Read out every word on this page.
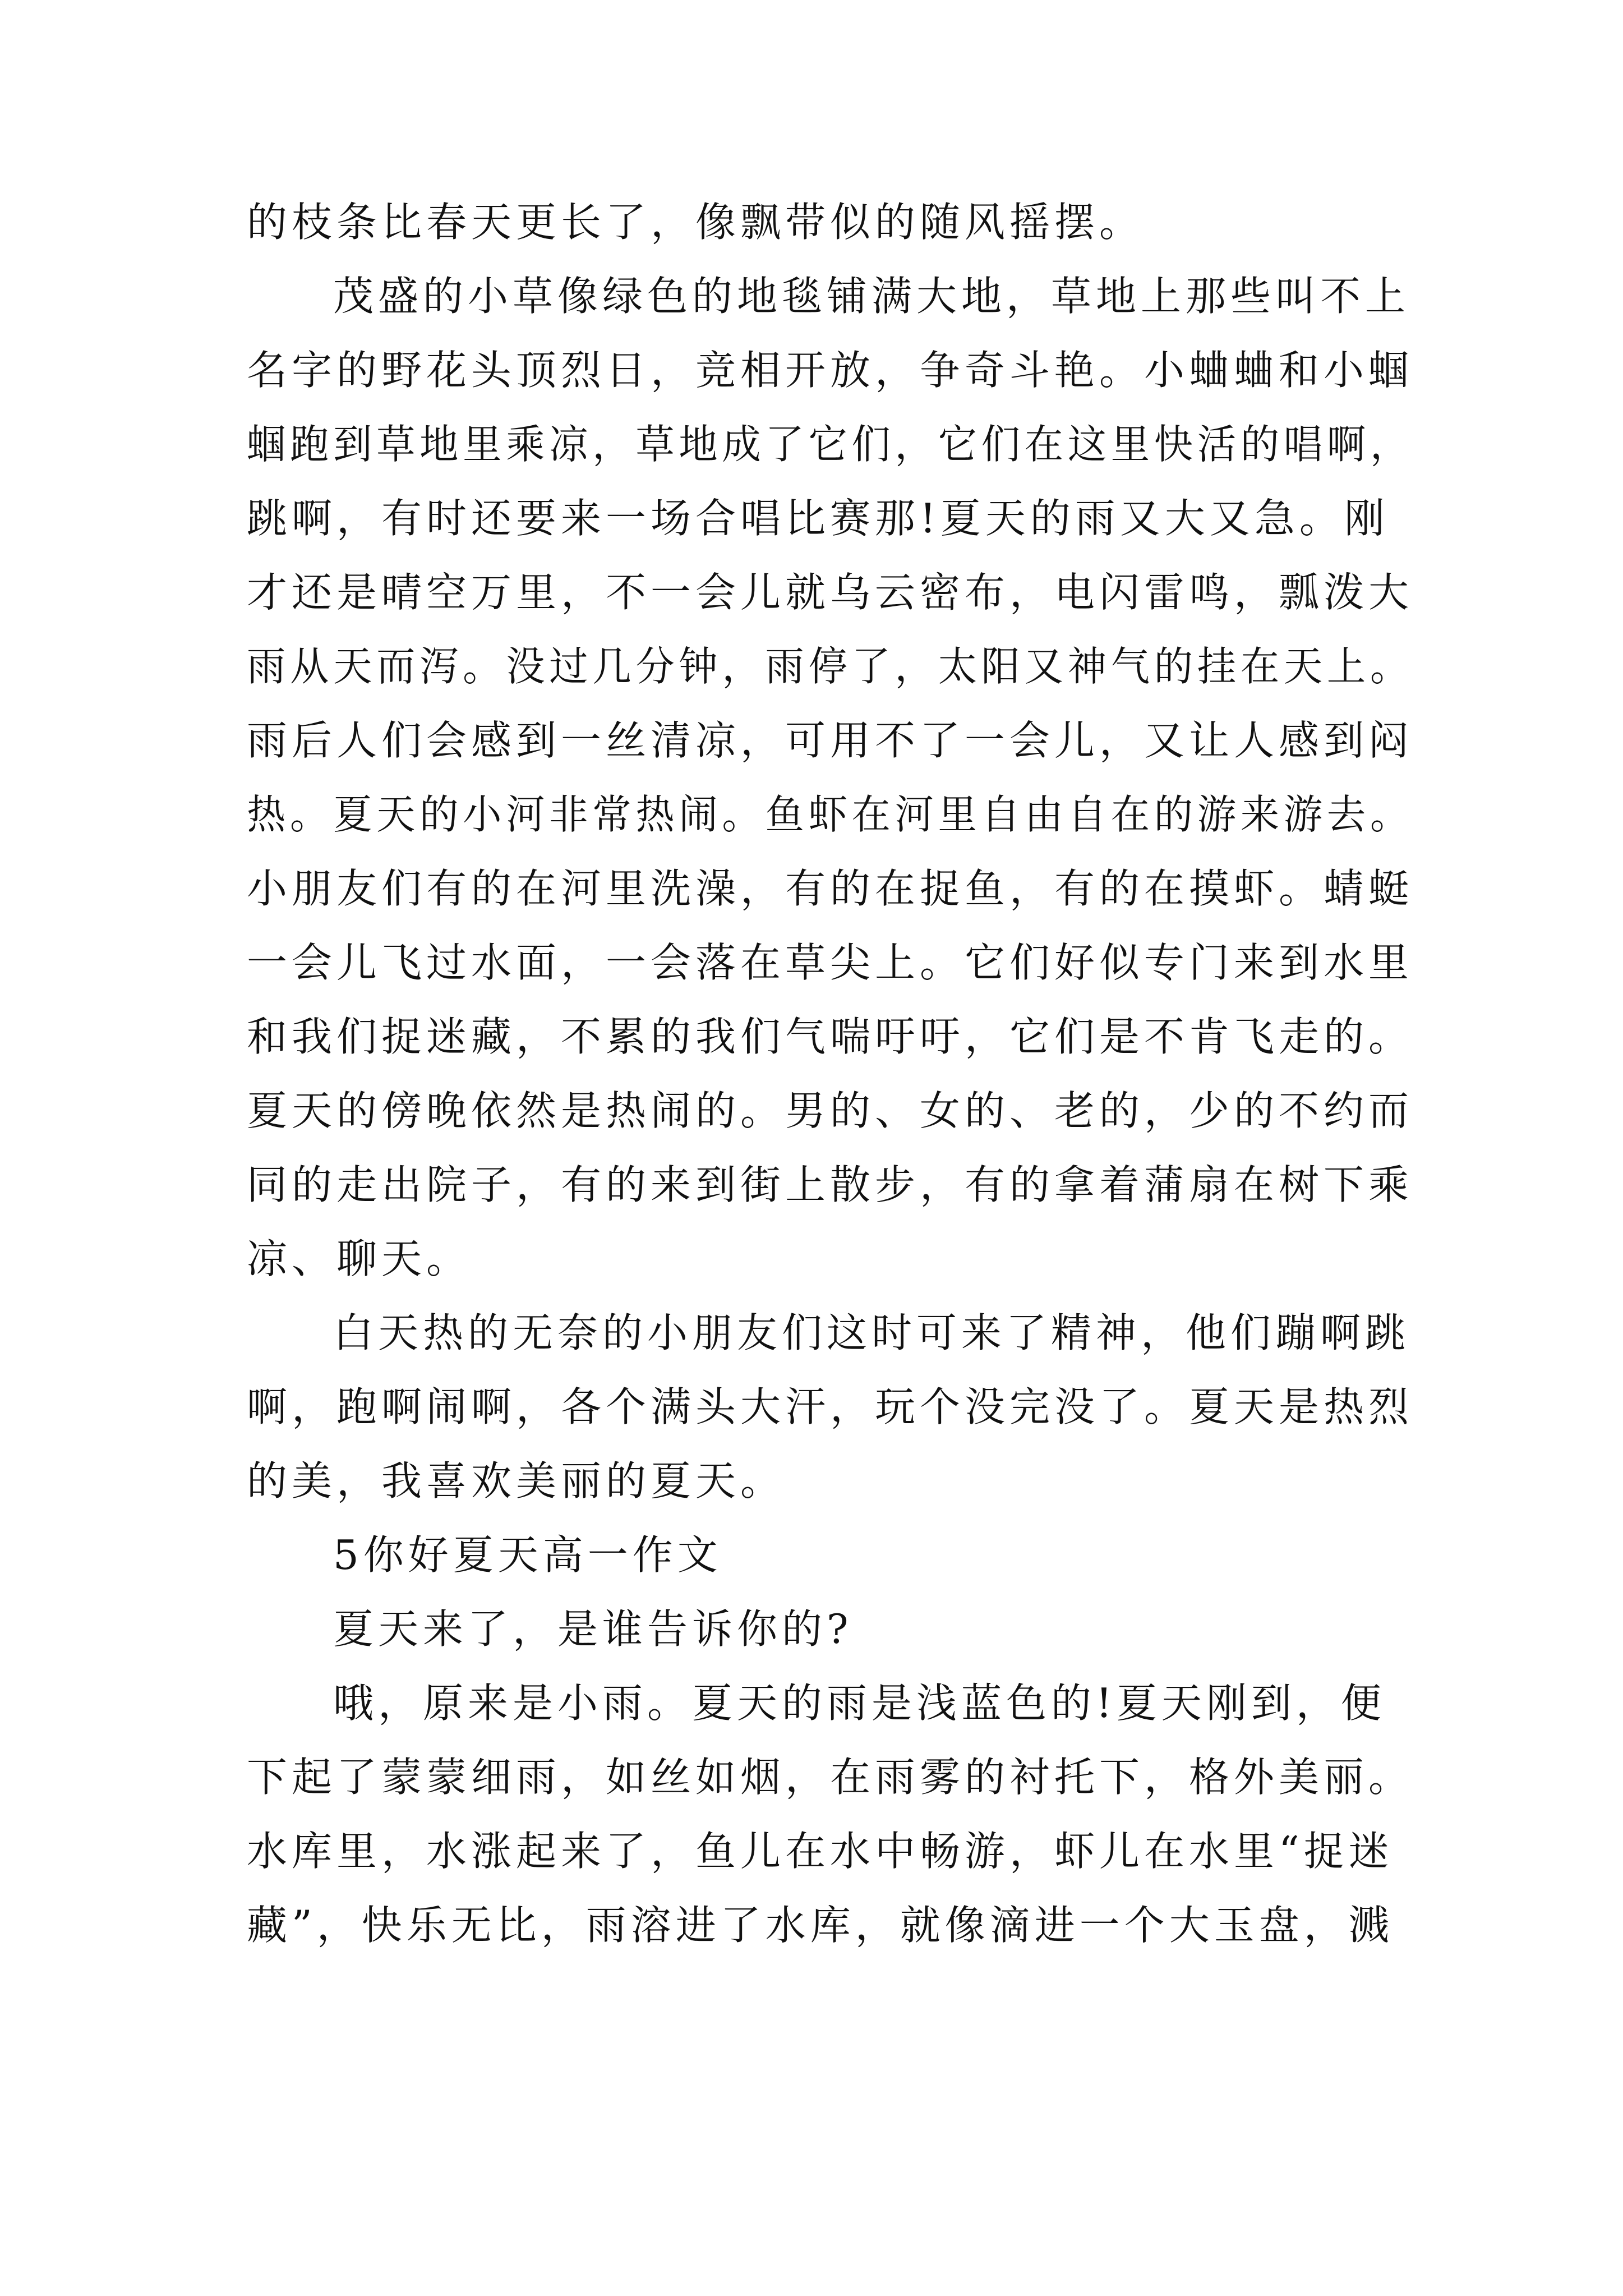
的枝条比春天更长了，像飘带似的随风摇摆。
茂盛的小草像绿色的地毯铺满大地，草地上那些叫不上
名字的野花头顶烈日，竞相开放，争奇斗艳。小蛐蛐和小蝈
蝈跑到草地里乘凉，草地成了它们，它们在这里快活的唱啊，
跳啊，有时还要来一场合唱比赛那!夏天的雨又大又急。刚
才还是晴空万里，不一会儿就乌云密布，电闪雷鸣，瓢泼大
雨从天而泻。没过几分钟，雨停了，太阳又神气的挂在天上。
雨后人们会感到一丝清凉，可用不了一会儿，又让人感到闷
热。夏天的小河非常热闹。鱼虾在河里自由自在的游来游去。
小朋友们有的在河里洗澡，有的在捉鱼，有的在摸虾。蜻蜓
一会儿飞过水面，一会落在草尖上。它们好似专门来到水里
和我们捉迷藏，不累的我们气喘吁吁，它们是不肯飞走的。
夏天的傍晚依然是热闹的。男的、女的、老的，少的不约而
同的走出院子，有的来到街上散步，有的拿着蒲扇在树下乘
凉、聊天。
白天热的无奈的小朋友们这时可来了精神，他们蹦啊跳
啊，跑啊闹啊，各个满头大汗，玩个没完没了。夏天是热烈
的美，我喜欢美丽的夏天。
5你好夏天高一作文
夏天来了，是谁告诉你的?
哦，原来是小雨。夏天的雨是浅蓝色的!夏天刚到，便
下起了蒙蒙细雨，如丝如烟，在雨雾的衬托下，格外美丽。
水库里，水涨起来了，鱼儿在水中畅游，虾儿在水里“捉迷
藏”，快乐无比，雨溶进了水库，就像滴进一个大玉盘，溅
